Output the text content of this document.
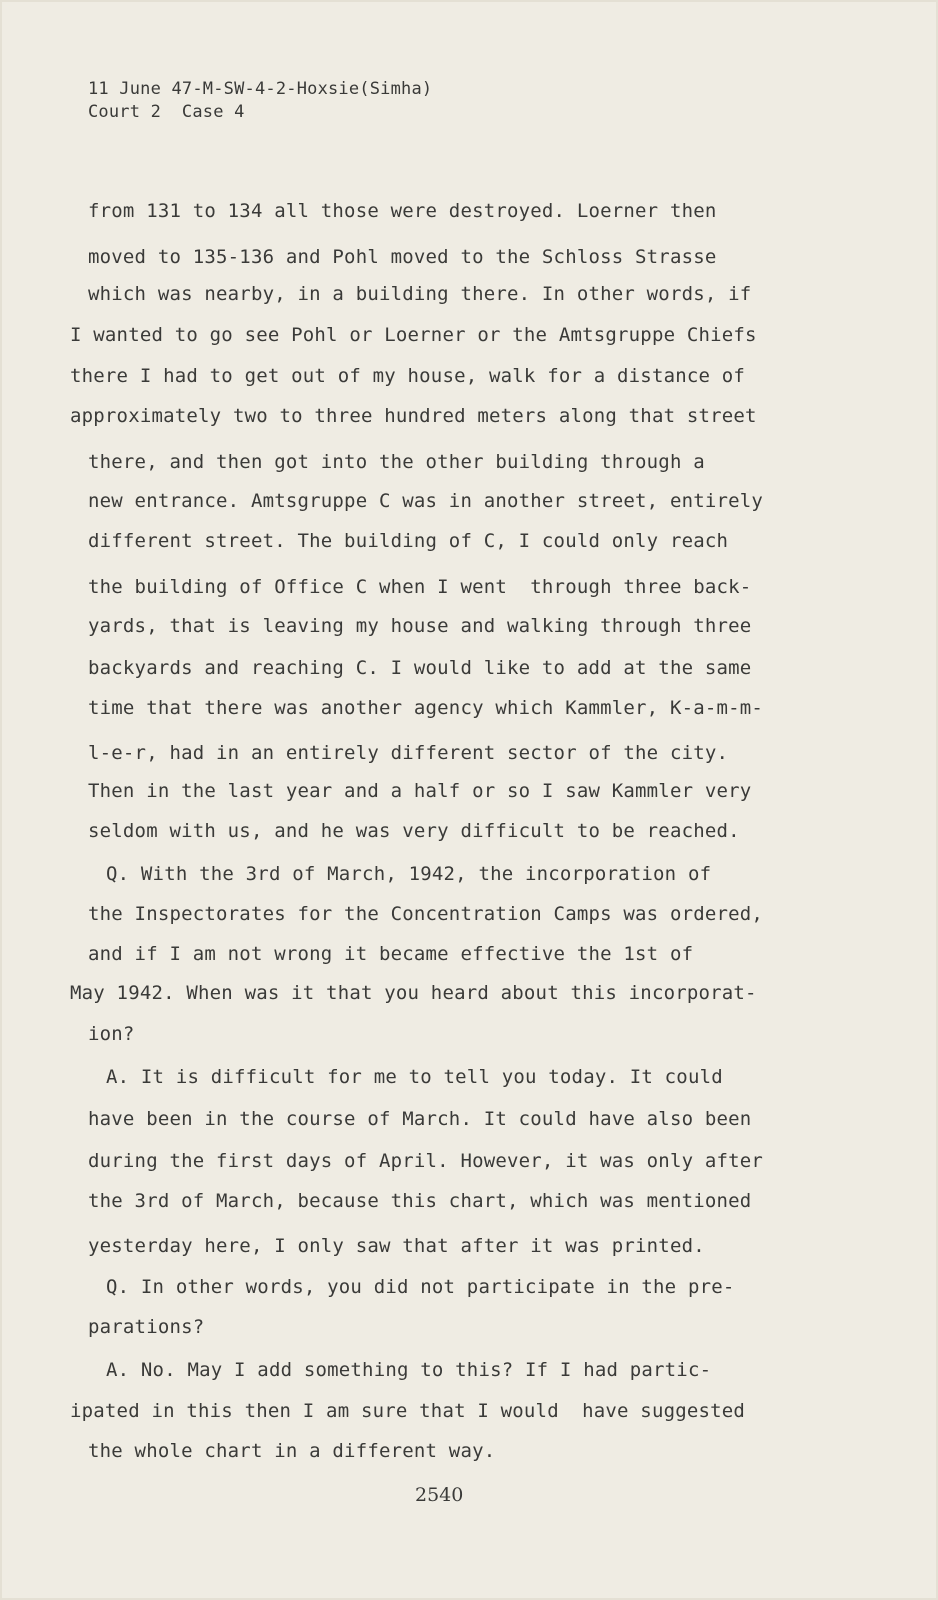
11 June 47-M-SW-4-2-Hoxsie(Simha)
Court 2  Case 4
from 131 to 134 all those were destroyed. Loerner then
moved to 135-136 and Pohl moved to the Schloss Strasse
which was nearby, in a building there. In other words, if
I wanted to go see Pohl or Loerner or the Amtsgruppe Chiefs
there I had to get out of my house, walk for a distance of
approximately two to three hundred meters along that street
there, and then got into the other building through a
new entrance. Amtsgruppe C was in another street, entirely
different street. The building of C, I could only reach
the building of Office C when I went  through three back-
yards, that is leaving my house and walking through three
backyards and reaching C. I would like to add at the same
time that there was another agency which Kammler, K-a-m-m-
l-e-r, had in an entirely different sector of the city.
Then in the last year and a half or so I saw Kammler very
seldom with us, and he was very difficult to be reached.
Q. With the 3rd of March, 1942, the incorporation of
the Inspectorates for the Concentration Camps was ordered,
and if I am not wrong it became effective the 1st of
May 1942. When was it that you heard about this incorporat-
ion?
A. It is difficult for me to tell you today. It could
have been in the course of March. It could have also been
during the first days of April. However, it was only after
the 3rd of March, because this chart, which was mentioned
yesterday here, I only saw that after it was printed.
Q. In other words, you did not participate in the pre-
parations?
A. No. May I add something to this? If I had partic-
ipated in this then I am sure that I would  have suggested
the whole chart in a different way.
2540
